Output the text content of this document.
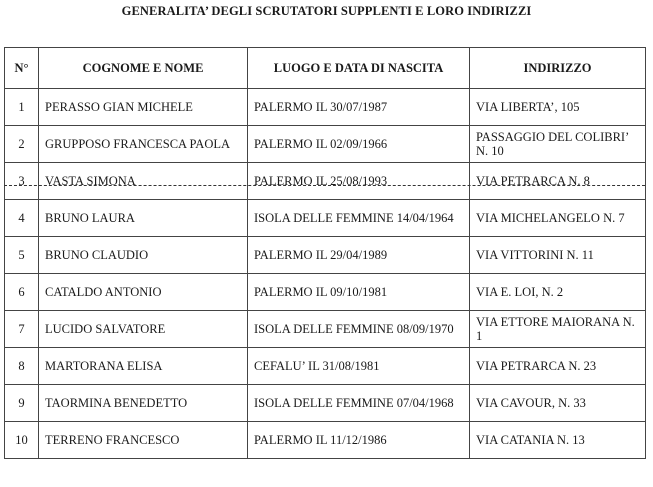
GENERALITA’ DEGLI SCRUTATORI SUPPLENTI E LORO INDIRIZZI
N°	COGNOME E NOME	LUOGO E DATA DI NASCITA	INDIRIZZO
1	PERASSO GIAN MICHELE	PALERMO IL 30/07/1987	VIA LIBERTA’, 105
2	GRUPPOSO FRANCESCA PAOLA	PALERMO IL 02/09/1966	PASSAGGIO DEL COLIBRI’ N. 10
3	VASTA SIMONA	PALERMO IL 25/08/1993	VIA PETRARCA N. 8
4	BRUNO LAURA	ISOLA DELLE FEMMINE 14/04/1964	VIA MICHELANGELO N. 7
5	BRUNO CLAUDIO	PALERMO IL 29/04/1989	VIA VITTORINI N. 11
6	CATALDO ANTONIO	PALERMO IL 09/10/1981	VIA E. LOI, N. 2
7	LUCIDO SALVATORE	ISOLA DELLE FEMMINE 08/09/1970	VIA ETTORE MAIORANA N. 1
8	MARTORANA ELISA	CEFALU’ IL 31/08/1981	VIA PETRARCA N. 23
9	TAORMINA BENEDETTO	ISOLA DELLE FEMMINE 07/04/1968	VIA CAVOUR, N. 33
10	TERRENO FRANCESCO	PALERMO IL 11/12/1986	VIA CATANIA N. 13
